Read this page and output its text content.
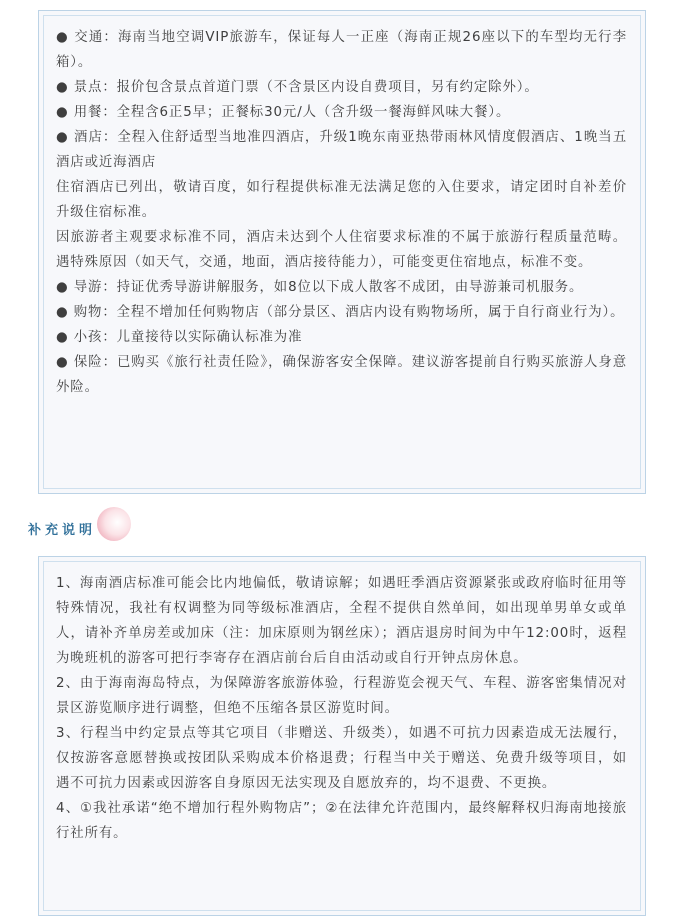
● 交通：海南当地空调VIP旅游车，保证每人一正座（海南正规26座以下的车型均无行李箱）。

● 景点：报价包含景点首道门票（不含景区内设自费项目，另有约定除外）。

● 用餐：全程含6正5早；正餐标30元/人（含升级一餐海鲜风味大餐）。

● 酒店：全程入住舒适型当地准四酒店，升级1晚东南亚热带雨林风情度假酒店、1晚当五酒店或近海酒店

住宿酒店已列出，敬请百度，如行程提供标准无法满足您的入住要求，请定团时自补差价升级住宿标准。

因旅游者主观要求标准不同，酒店未达到个人住宿要求标准的不属于旅游行程质量范畴。遇特殊原因（如天气，交通，地面，酒店接待能力），可能变更住宿地点，标准不变。

● 导游：持证优秀导游讲解服务，如8位以下成人散客不成团，由导游兼司机服务。

● 购物：全程不增加任何购物店（部分景区、酒店内设有购物场所，属于自行商业行为）。

● 小孩：儿童接待以实际确认标准为准

● 保险：已购买《旅行社责任险》，确保游客安全保障。建议游客提前自行购买旅游人身意外险。

补充说明

1、海南酒店标准可能会比内地偏低，敬请谅解；如遇旺季酒店资源紧张或政府临时征用等特殊情况，我社有权调整为同等级标准酒店，全程不提供自然单间，如出现单男单女或单人，请补齐单房差或加床（注：加床原则为钢丝床）；酒店退房时间为中午12:00时，返程为晚班机的游客可把行李寄存在酒店前台后自由活动或自行开钟点房休息。

2、由于海南海岛特点，为保障游客旅游体验，行程游览会视天气、车程、游客密集情况对景区游览顺序进行调整，但绝不压缩各景区游览时间。

3、行程当中约定景点等其它项目（非赠送、升级类），如遇不可抗力因素造成无法履行，仅按游客意愿替换或按团队采购成本价格退费；行程当中关于赠送、免费升级等项目，如遇不可抗力因素或因游客自身原因无法实现及自愿放弃的，均不退费、不更换。

4、①我社承诺“绝不增加行程外购物店”；②在法律允许范围内，最终解释权归海南地接旅行社所有。
